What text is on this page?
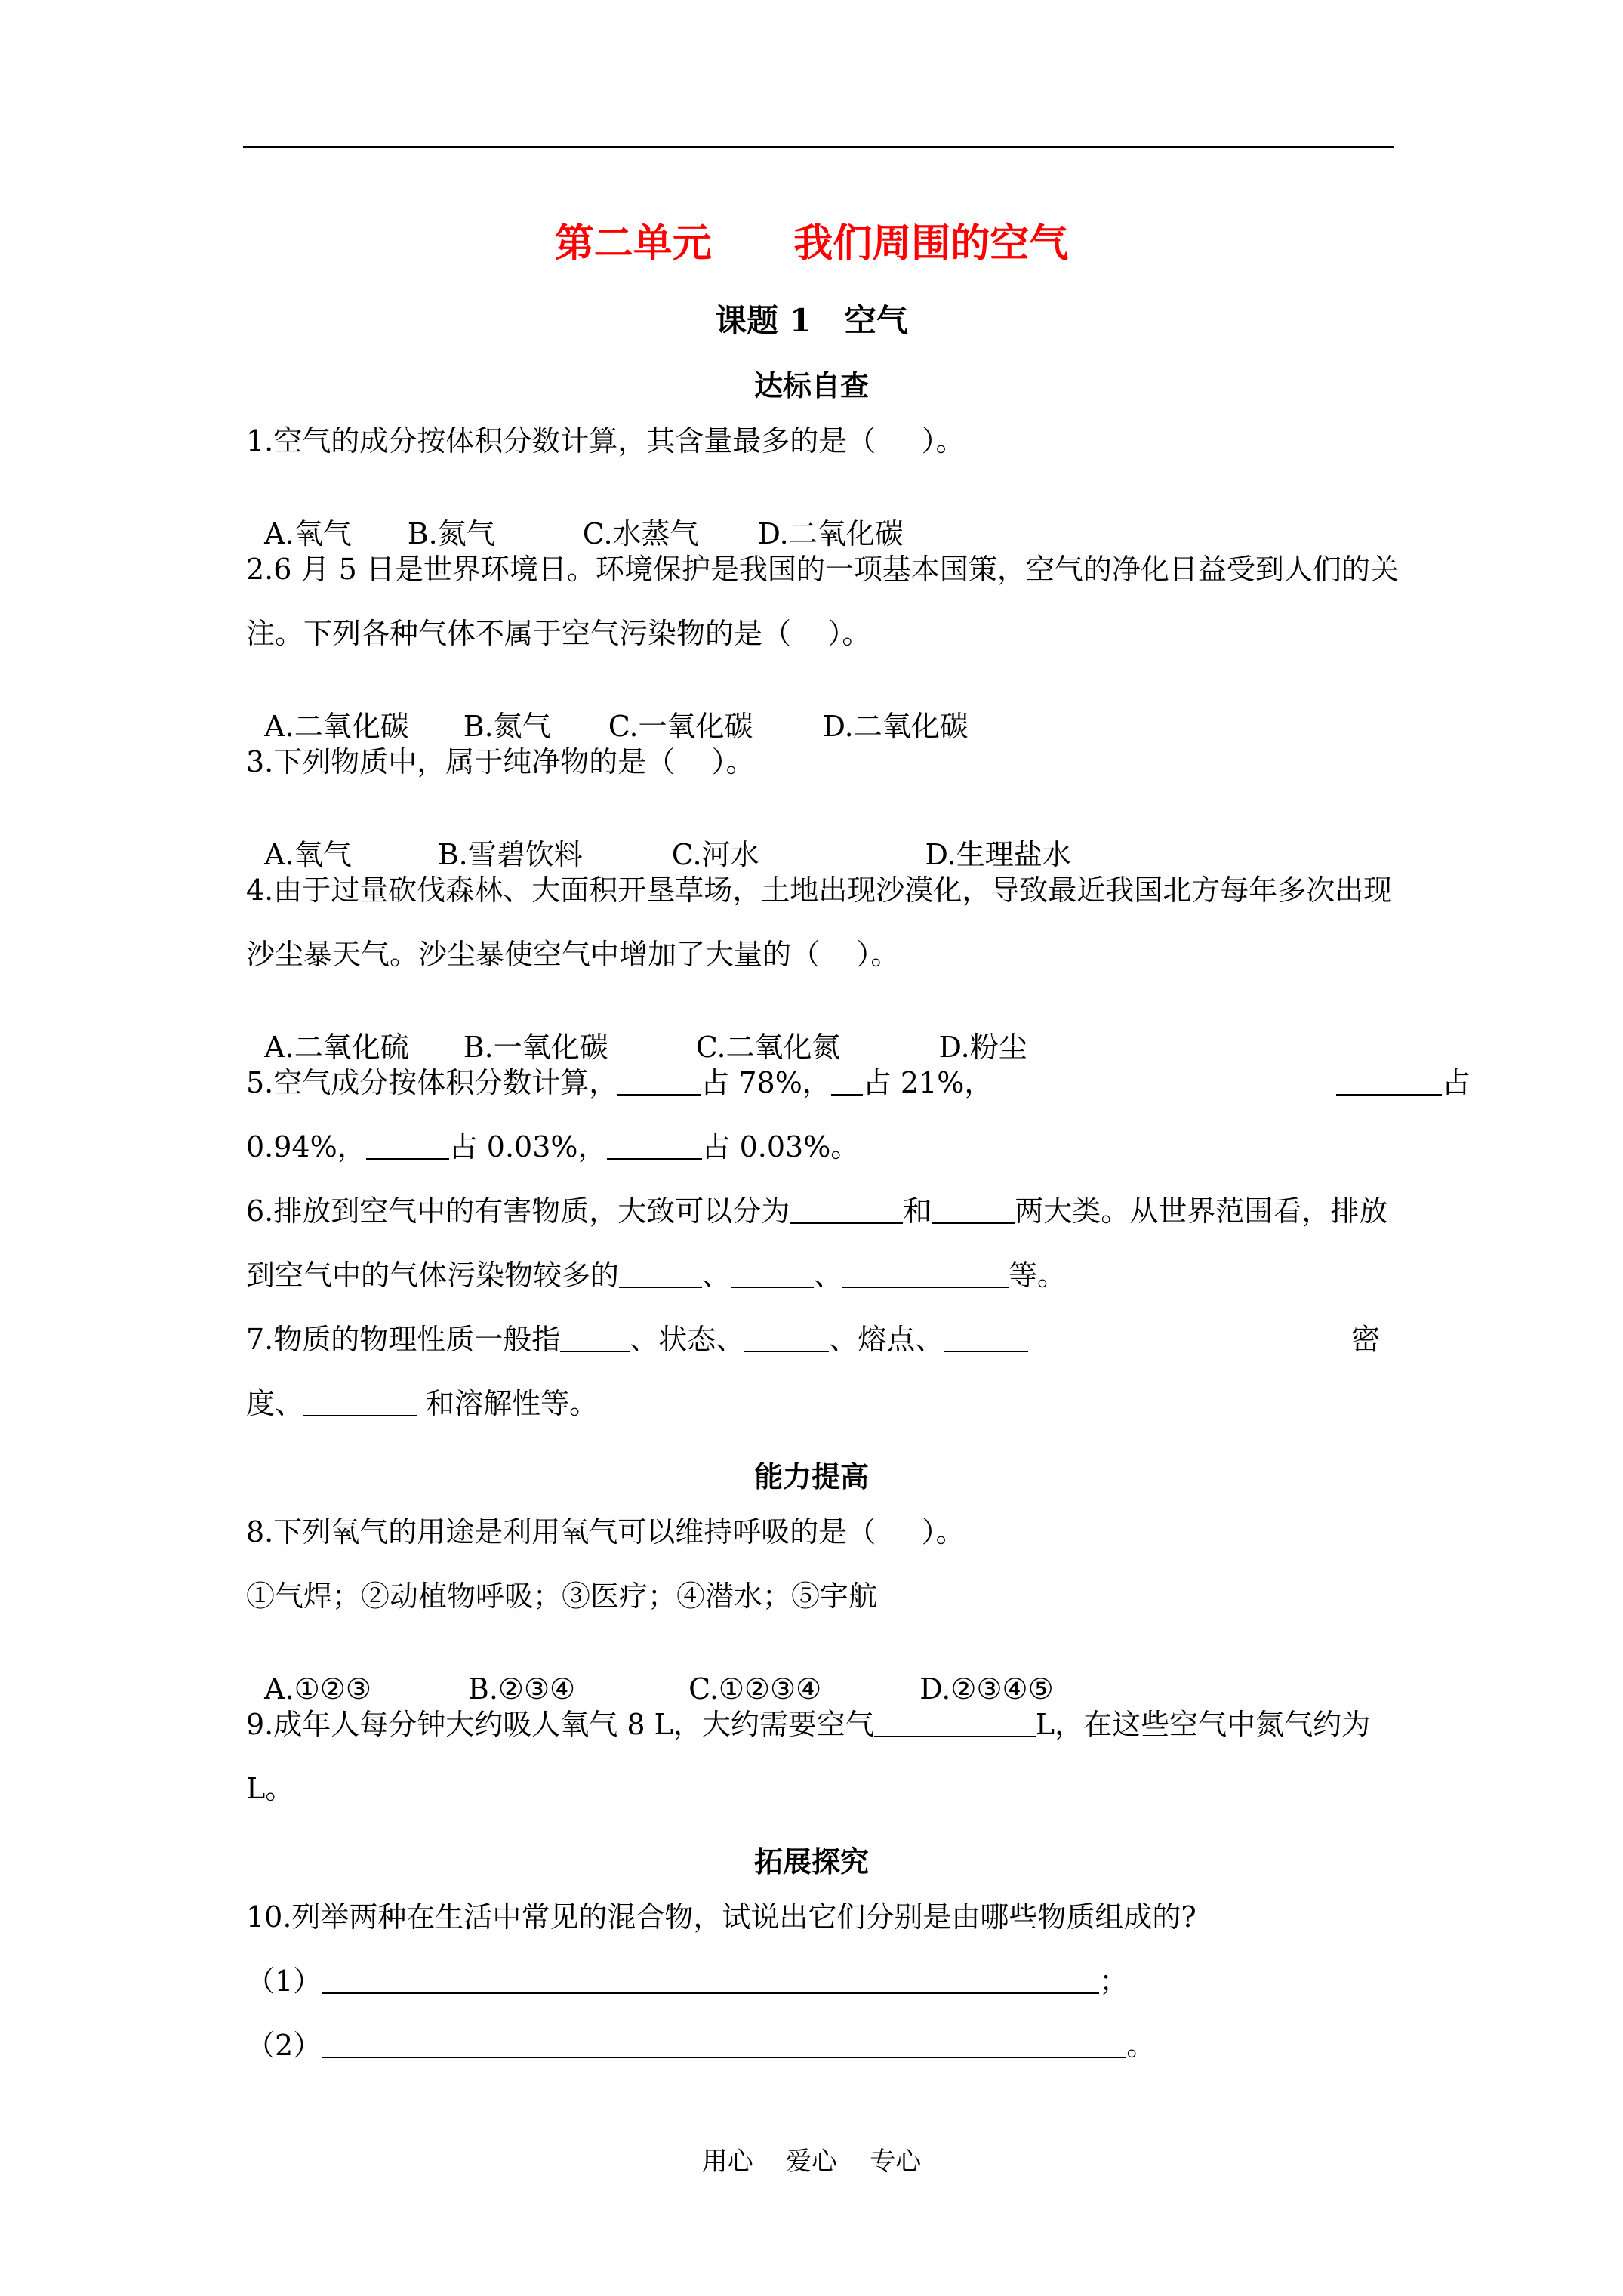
第二单元      我们周围的空气
课题 1   空气
达标自查
1.空气的成分按体积分数计算，其含量最多的是（     ）。

A.氧气 B.氮气	C.水蒸气 D.二氧化碳

2.6 月 5 日是世界环境日。环境保护是我国的一项基本国策，空气的净化日益受到人们的关
注。下列各种气体不属于空气污染物的是（    ）。

A.二氧化碳 B.氮气 C.一氧化碳 D.二氧化碳

3.下列物质中，属于纯净物的是（    ）。

A.氧气	B.雪碧饮料	C.河水	D.生理盐水

4.由于过量砍伐森林、大面积开垦草场，土地出现沙漠化，导致最近我国北方每年多次出现
沙尘暴天气。沙尘暴使空气中增加了大量的（    ）。

A.二氧化硫 B.一氧化碳	C.二氧化氮	D.粉尘

5.空气成分按体积分数计算，	占 78%， 占 21%，	占
0.94%，	占 0.03%，	占 0.03%。
6.排放到空气中的有害物质，大致可以分为	和	两大类。从世界范围看，排放
到空气中的气体污染物较多的	、	、	等。
7.物质的物理性质一般指 、状态、	、熔点、	密
度、	和溶解性等。
能力提高
8.下列氧气的用途是利用氧气可以维持呼吸的是（     ）。
①气焊；②动植物呼吸；③医疗；④潜水；⑤宇航

A.①②③	B.②③④	C.①②③④	D.②③④⑤

9.成年人每分钟大约吸人氧气 8 L，大约需要空气	L，在这些空气中氮气约为
L。
拓展探究
10.列举两种在生活中常见的混合物，试说出它们分别是由哪些物质组成的?
（1）	；
（2）	。
用心    爱心    专心
